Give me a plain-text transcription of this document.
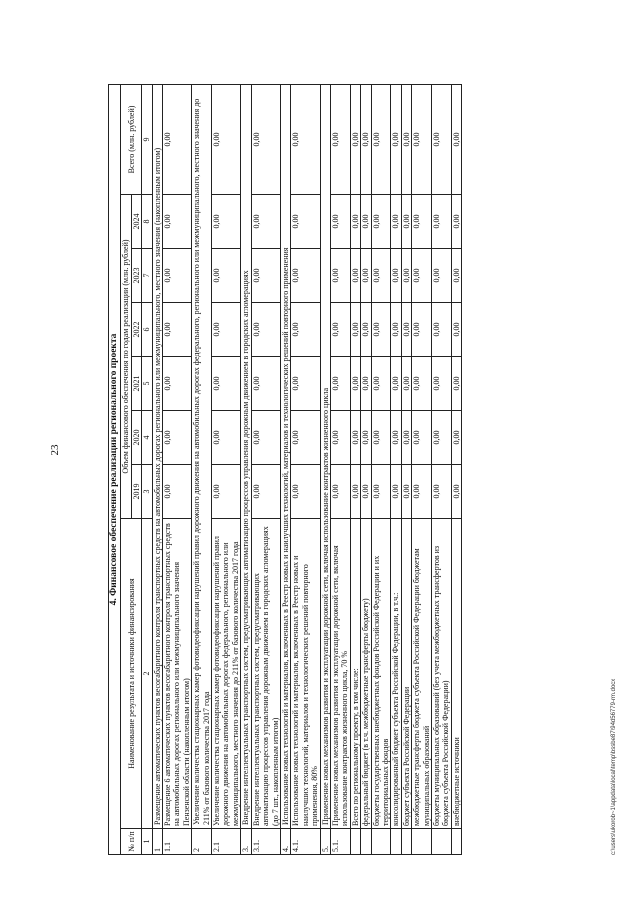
23	4. Финансовое обеспечение реализации регионального проекта								
№ п/п	Наименование результата и источники финансирования	Объем финансового обеспечения по годам реализации (млн. рублей)						Всего (млн. рублей)
		2019	2020	2021	2022	2023	2024	
1	2	3	4	5	6	7	8	9
1	Размещение автоматических пунктов весогабаритного контроля транспортных средств на автомобильных дорогах регионального или межмуниципального, местного значения (накопленным итогом)							
1.1	Размещение 6 автоматических пунктов весогабаритного контроля транспортных средств на автомобильных дорогах регионального или межмуниципального значения Пензенской области (накопленным итогом)	0,00	0,00	0,00	0,00	0,00	0,00	0,00
2	Увеличение количества стационарных камер фотовидеофиксации нарушений правил дорожного движения на автомобильных дорогах федерального, регионального или межмуниципального, местного значения до 211% от базового количества 2017 года							
2.1	Увеличение количества стационарных камер фотовидеофиксации нарушений правил дорожного движения на автомобильных дорогах федерального, регионального или межмуниципального, местного значения до 211% от базового количества 2017 года	0,00	0,00	0,00	0,00	0,00	0,00	0,00
3.	Внедрение интеллектуальных транспортных систем, предусматривающих автоматизацию процессов управления дорожным движением в городских агломерациях							
3.1.	Внедрение интеллектуальных транспортных систем, предусматривающих автоматизацию процессов управления дорожным движением в городских агломерациях (до 7 шт., накопленным итогом)	0,00	0,00	0,00	0,00	0,00	0,00	0,00
4.	Использование новых технологий и материалов, включенных в Реестр новых и наилучших технологий, материалов и технологических решений повторного применения							
4.1.	Использование новых технологий и материалов, включенных в Реестр новых и наилучших технологий, материалов и технологических решений повторного применения, 80%	0,00	0,00	0,00	0,00	0,00	0,00	0,00
5.	Применение новых механизмов развития и эксплуатации дорожной сети, включая использование контрактов жизненного цикла							
5.1.	Применение новых механизмов развития и эксплуатации дорожной сети, включая использование контрактов жизненного цикла, 70 %	0,00	0,00	0,00	0,00	0,00	0,00	0,00
	Всего по региональному проекту, в том числе:	0,00	0,00	0,00	0,00	0,00	0,00	0,00
	федеральный бюджет (в т.ч. межбюджетные трансферты бюджету)	0,00	0,00	0,00	0,00	0,00	0,00	0,00
	бюджеты государственных внебюджетных фондов Российской Федерации и их территориальных фондов	0,00	0,00	0,00	0,00	0,00	0,00	0,00
	консолидированный бюджет субъекта Российской Федерации, в т.ч.:	0,00	0,00	0,00	0,00	0,00	0,00	0,00
	бюджет субъекта Российской Федерации	0,00	0,00	0,00	0,00	0,00	0,00	0,00
	межбюджетные трансферты бюджета субъекта Российской Федерации бюджетам муниципальных образований	0,00	0,00	0,00	0,00	0,00	0,00	0,00
	бюджеты муниципальных образований (без учета межбюджетных трансфертов из бюджета субъекта Российской Федерации)	0,00	0,00	0,00	0,00	0,00	0,00	0,00
	внебюджетные источники	0,00	0,00	0,00	0,00	0,00	0,00	0,00
c:\users\ukorob~1\appdata\local\temp\bssbe87\94d56779-rm.docx
